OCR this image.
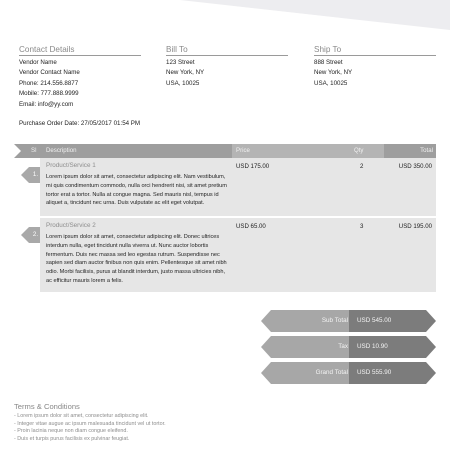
Contact Details
Vendor Name
Vendor Contact Name
Phone: 214.556.8877
Mobile: 777.888.9999
Email: info@yy.com
Bill To
123 Street
New York, NY
USA, 10025
Ship To
888 Street
New York, NY
USA, 10025
Purchase Order Date: 27/05/2017 01:54 PM
Sl Description	Price	Qty	Total
1.
Product/Service 1
Lorem ipsum dolor sit amet, consectetur adipiscing elit. Nam vestibulum, mi quis condimentum commodo, nulla orci hendrerit nisi, sit amet pretium tortor erat a tortor. Nulla at congue magna. Sed mauris nisl, tempus id aliquet a, tincidunt nec urna. Duis vulputate ac elit eget volutpat.
USD 175.00	2	USD 350.00
2.
Product/Service 2
Lorem ipsum dolor sit amet, consectetur adipiscing elit. Donec ultrices interdum nulla, eget tincidunt nulla viverra ut. Nunc auctor lobortis fermentum. Duis nec massa sed leo egestas rutrum. Suspendisse nec sapien sed diam auctor finibus non quis enim. Pellentesque sit amet nibh odio. Morbi facilisis, purus at blandit interdum, justo massa ultricies nibh, ac efficitur mauris lorem a felis.
USD 65.00	3	USD 195.00
Sub Total USD 545.00
Tax USD 10.90
Grand Total USD 555.90
Terms & Conditions
- Lorem ipsum dolor sit amet, consectetur adipiscing elit.
- Integer vitae augue ac ipsum malesuada tincidunt vel ut tortor.
- Proin lacinia neque non diam congue eleifend.
- Duis et turpis purus facilisis ex pulvinar feugiat.
